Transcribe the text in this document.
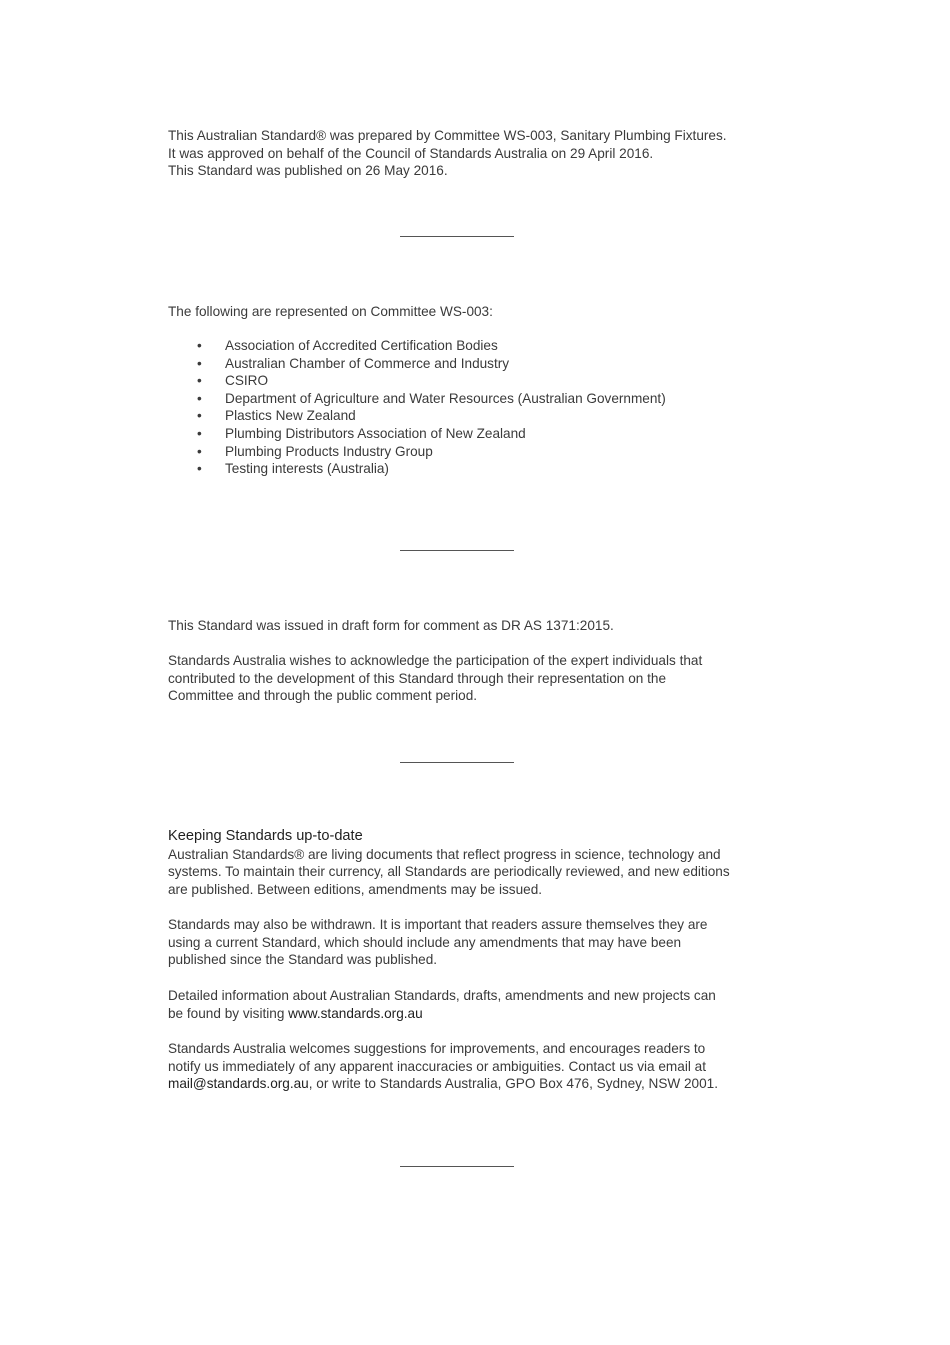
This Australian Standard® was prepared by Committee WS-003, Sanitary Plumbing Fixtures.

It was approved on behalf of the Council of Standards Australia on 29 April 2016.

This Standard was published on 26 May 2016.

The following are represented on Committee WS-003:

• Association of Accredited Certification Bodies
• Australian Chamber of Commerce and Industry
• CSIRO
• Department of Agriculture and Water Resources (Australian Government)
• Plastics New Zealand
• Plumbing Distributors Association of New Zealand
• Plumbing Products Industry Group
• Testing interests (Australia)

This Standard was issued in draft form for comment as DR AS 1371:2015.

Standards Australia wishes to acknowledge the participation of the expert individuals that

contributed to the development of this Standard through their representation on the

Committee and through the public comment period.

Keeping Standards up-to-date

Australian Standards® are living documents that reflect progress in science, technology and

systems. To maintain their currency, all Standards are periodically reviewed, and new editions

are published. Between editions, amendments may be issued.

Standards may also be withdrawn. It is important that readers assure themselves they are

using a current Standard, which should include any amendments that may have been

published since the Standard was published.

Detailed information about Australian Standards, drafts, amendments and new projects can

be found by visiting www.standards.org.au

Standards Australia welcomes suggestions for improvements, and encourages readers to

notify us immediately of any apparent inaccuracies or ambiguities. Contact us via email at

mail@standards.org.au, or write to Standards Australia, GPO Box 476, Sydney, NSW 2001.
